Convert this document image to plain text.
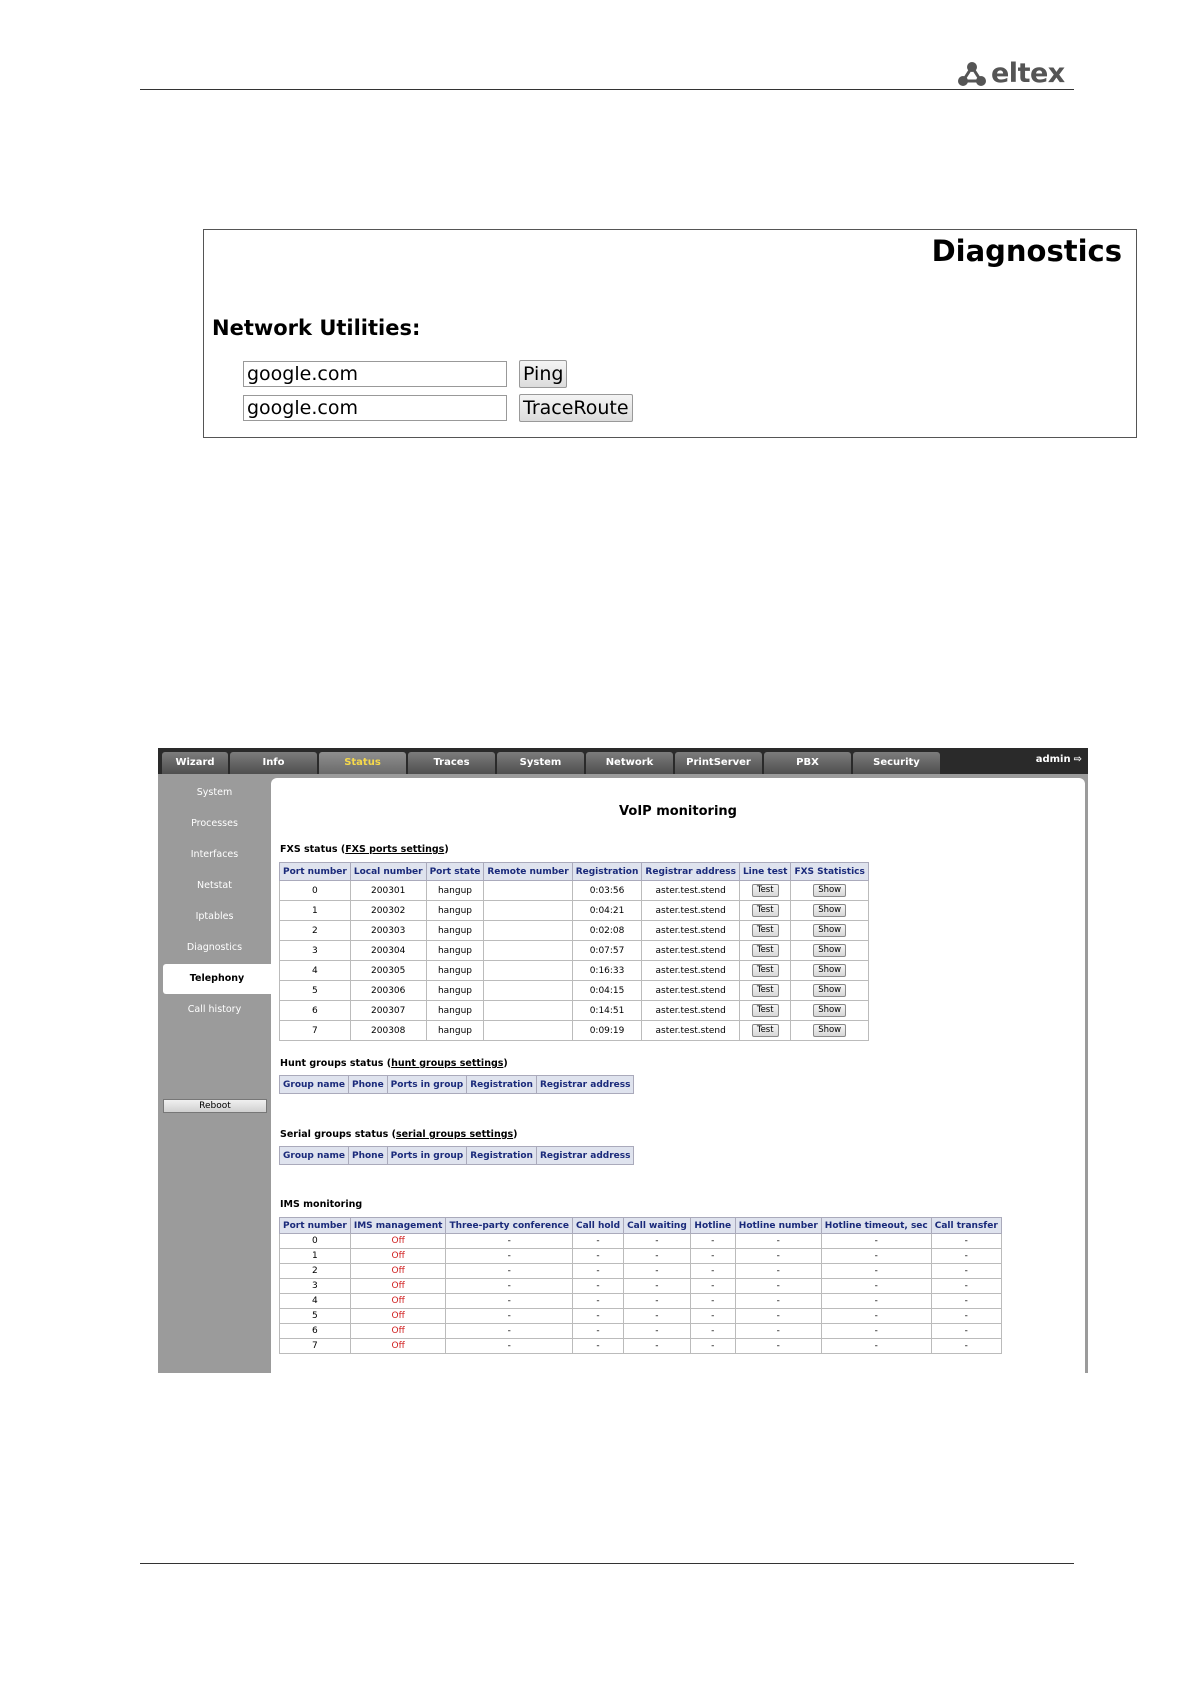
eltex
Diagnostics
Network Utilities:
google.com	Ping
google.com	TraceRoute
Wizard	Info	Status	Traces	System	Network	PrintServer	PBX	Security	admin ⇨
System
Processes
Interfaces
Netstat
Iptables
Diagnostics
Telephony
Call history
Reboot
VoIP monitoring
FXS status (FXS ports settings)
Port number	Local number	Port state	Remote number	Registration	Registrar address	Line test	FXS Statistics
0	200301	hangup		0:03:56	aster.test.stend	Test	Show
1	200302	hangup		0:04:21	aster.test.stend	Test	Show
2	200303	hangup		0:02:08	aster.test.stend	Test	Show
3	200304	hangup		0:07:57	aster.test.stend	Test	Show
4	200305	hangup		0:16:33	aster.test.stend	Test	Show
5	200306	hangup		0:04:15	aster.test.stend	Test	Show
6	200307	hangup		0:14:51	aster.test.stend	Test	Show
7	200308	hangup		0:09:19	aster.test.stend	Test	Show
Hunt groups status (hunt groups settings)
Group name	Phone	Ports in group	Registration	Registrar address
Serial groups status (serial groups settings)
Group name	Phone	Ports in group	Registration	Registrar address
IMS monitoring
Port number	IMS management	Three-party conference	Call hold	Call waiting	Hotline	Hotline number	Hotline timeout, sec	Call transfer
0	Off	-	-	-	-	-	-	-
1	Off	-	-	-	-	-	-	-
2	Off	-	-	-	-	-	-	-
3	Off	-	-	-	-	-	-	-
4	Off	-	-	-	-	-	-	-
5	Off	-	-	-	-	-	-	-
6	Off	-	-	-	-	-	-	-
7	Off	-	-	-	-	-	-	-
